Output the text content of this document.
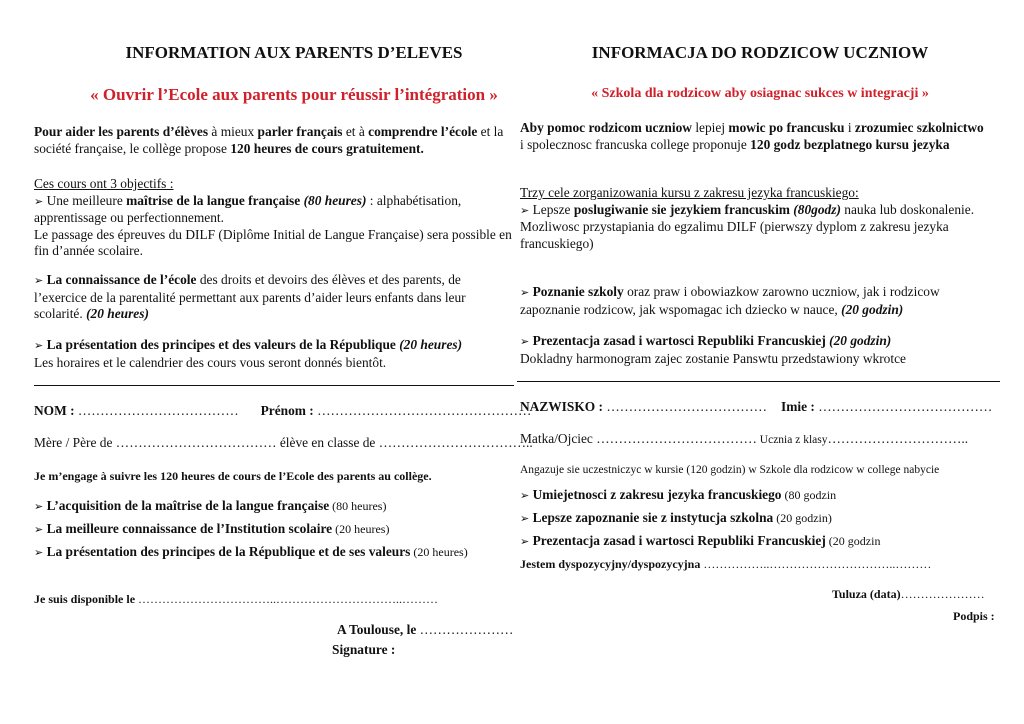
INFORMATION AUX PARENTS D’ELEVES
« Ouvrir l’Ecole aux parents pour réussir l’intégration »
Pour aider les parents d’élèves à mieux parler français et à comprendre l’école et la société française, le collège propose 120 heures de cours gratuitement.
Ces cours ont 3 objectifs :
➢ Une meilleure maîtrise de la langue française (80 heures) : alphabétisation, apprentissage ou perfectionnement.
Le passage des épreuves du DILF (Diplôme Initial de Langue Française) sera possible en fin d’année scolaire.
➢ La connaissance de l’école des droits et devoirs des élèves et des parents, de l’exercice de la parentalité permettant aux parents d’aider leurs enfants dans leur scolarité. (20 heures)
➢ La présentation des principes et des valeurs de la République (20 heures)
Les horaires et le calendrier des cours vous seront donnés bientôt.
NOM : ……………………………… Prénom : …………………………………………
Mère / Père de ……………………………… élève en classe de ……………………………..
Je m’engage à suivre les 120 heures de cours de l’Ecole des parents au collège.
➢ L’acquisition de la maîtrise de la langue française (80 heures)
➢ La meilleure connaissance de l’Institution scolaire (20 heures)
➢ La présentation des principes de la République et de ses valeurs (20 heures)
Je suis disponible le ……………………………..…………………………..………
A Toulouse, le …………………
Signature :
INFORMACJA DO RODZICOW UCZNIOW
« Szkola dla rodzicow aby osiagnac sukces w integracji »
Aby pomoc rodzicom uczniow lepiej mowic po francusku i zrozumiec szkolnictwo i spolecznosc francuska college proponuje 120 godz bezplatnego kursu jezyka
Trzy cele zorganizowania kursu z zakresu jezyka francuskiego:
➢ Lepsze poslugiwanie sie jezykiem francuskim (80godz) nauka lub doskonalenie.
Mozliwosc przystapiania do egzalimu DILF (pierwszy dyplom z zakresu jezyka francuskiego)
➢ Poznanie szkoly oraz praw i obowiazkow zarowno uczniow, jak i rodzicow zapoznanie rodzicow, jak wspomagac ich dziecko w nauce, (20 godzin)
➢ Prezentacja zasad i wartosci Republiki Francuskiej (20 godzin)
Dokladny harmonogram zajec zostanie Panswtu przedstawiony wkrotce
NAZWISKO : ……………………………… Imie : …………………………………
Matka/Ojciec ……………………………… Ucznia z klasy…………………………..
Angazuje sie uczestniczyc w kursie (120 godzin) w Szkole dla rodzicow w college nabycie
➢ Umiejetnosci z zakresu jezyka francuskiego (80 godzin
➢ Lepsze zapoznanie sie z instytucja szkolna (20 godzin)
➢ Prezentacja zasad i wartosci Republiki Francuskiej (20 godzin
Jestem dyspozycyjny/dyspozycyjna ……………..…………………………..………
Tuluza (data)…………………
Podpis :
